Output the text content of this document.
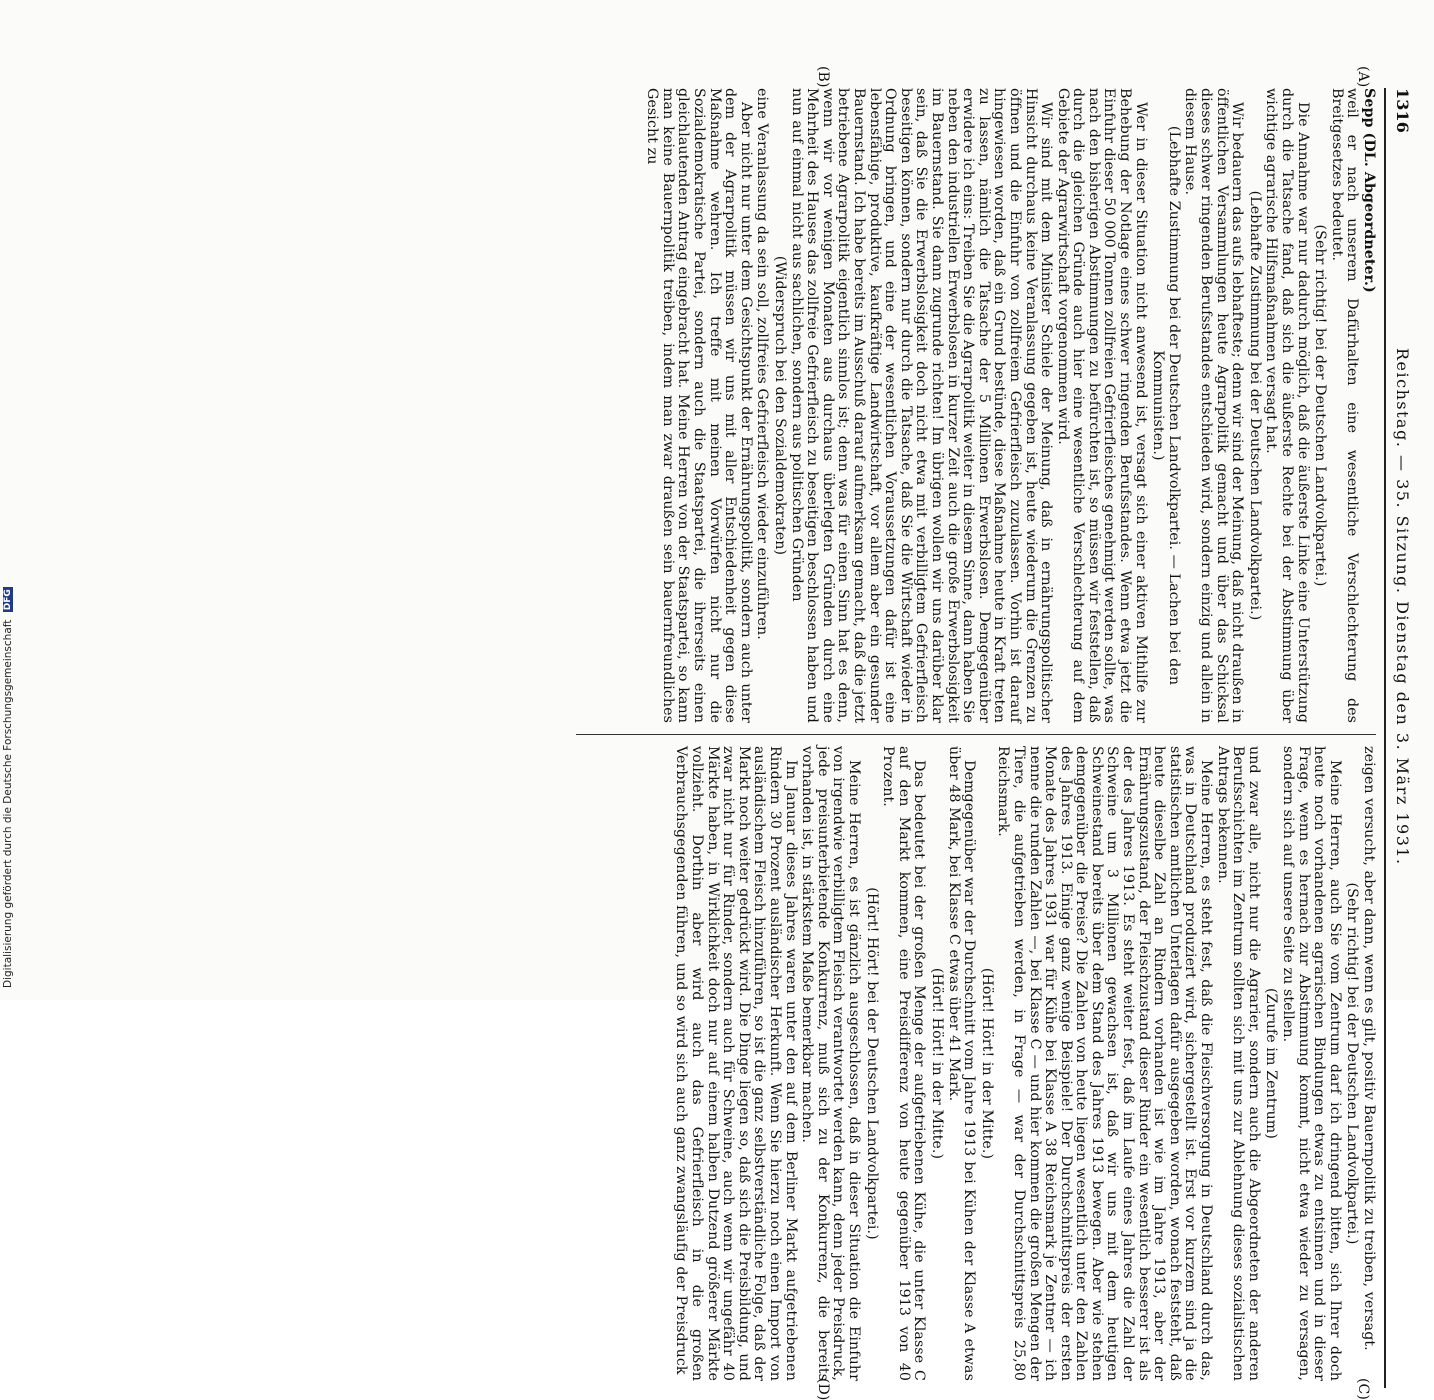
1316
Reichstag. — 35. Sitzung. Dienstag den 3. März 1931.

Sepp (DL. Abgeordneter.)

weil er nach unserem Dafürhalten eine wesentliche Verschlechterung des Breitgesetzes bedeutet.

(Sehr richtig! bei der Deutschen Landvolkpartei.)

Die Annahme war nur dadurch möglich, daß die äußerste Linke eine Unterstützung durch die Tatsache fand, daß sich die äußerste Rechte bei der Abstimmung über wichtige agrarische Hilfsmaßnahmen versagt hat.

(Lebhafte Zustimmung bei der Deutschen Landvolkpartei.)

Wir bedauern das aufs lebhafteste; denn wir sind der Meinung, daß nicht draußen in öffentlichen Versammlungen heute Agrarpolitik gemacht und über das Schicksal dieses schwer ringenden Berufsstandes entschieden wird, sondern einzig und allein in diesem Hause.

(Lebhafte Zustimmung bei der Deutschen Landvolkpartei. — Lachen bei den Kommunisten.)

Wer in dieser Situation nicht anwesend ist, versagt sich einer aktiven Mithilfe zur Behebung der Notlage eines schwer ringenden Berufsstandes. Wenn etwa jetzt die Einfuhr dieser 50 000 Tonnen zollfreien Gefrierfleisches genehmigt werden sollte, was nach den bisherigen Abstimmungen zu befürchten ist, so müssen wir feststellen, daß durch die gleichen Gründe auch hier eine wesentliche Verschlechterung auf dem Gebiete der Agrarwirtschaft vorgenommen wird.

Wir sind mit dem Minister Schiele der Meinung, daß in ernährungspolitischer Hinsicht durchaus keine Veranlassung gegeben ist, heute wiederum die Grenzen zu öffnen und die Einfuhr von zollfreiem Gefrierfleisch zuzulassen. Vorhin ist darauf hingewiesen worden, daß ein Grund bestünde, diese Maßnahme heute in Kraft treten zu lassen, nämlich die Tatsache der 5 Millionen Erwerbslosen. Demgegenüber erwidere ich eins: Treiben Sie die Agrarpolitik weiter in diesem Sinne, dann haben Sie neben den industriellen Erwerbslosen in kurzer Zeit auch die große Erwerbslosigkeit im Bauernstand. Sie dann zugrunde richten! Im übrigen wollen wir uns darüber klar sein, daß Sie die Erwerbslosigkeit doch nicht etwa mit verbilligtem Gefrierfleisch beseitigen können, sondern nur durch die Tatsache, daß Sie die Wirtschaft wieder in Ordnung bringen, und eine der wesentlichen Voraussetzungen dafür ist eine lebensfähige, produktive, kaufkräftige Landwirtschaft, vor allem aber ein gesunder Bauernstand. Ich habe bereits im Ausschuß darauf aufmerksam gemacht, daß die jetzt betriebene Agrarpolitik eigentlich sinnlos ist; denn was für einen Sinn hat es denn, wenn wir vor wenigen Monaten aus durchaus überlegten Gründen durch eine Mehrheit des Hauses das zollfreie Gefrierfleisch zu beseitigen beschlossen haben und nun auf einmal nicht aus sachlichen, sondern aus politischen Gründen

(Widerspruch bei den Sozialdemokraten)

eine Veranlassung da sein soll, zollfreies Gefrierfleisch wieder einzuführen.

Aber nicht nur unter dem Gesichtspunkt der Ernährungspolitik, sondern auch unter dem der Agrarpolitik müssen wir uns mit aller Entschiedenheit gegen diese Maßnahme wehren. Ich treffe mit meinen Vorwürfen nicht nur die Sozialdemokratische Partei, sondern auch die Staatspartei, die ihrerseits einen gleichlautenden Antrag eingebracht hat. Meine Herren von der Staatspartei, so kann man keine Bauernpolitik treiben, indem man zwar draußen sein bauernfreundliches Gesicht zu

zeigen versucht, aber dann, wenn es gilt, positiv Bauernpolitik zu treiben, versagt.

(Sehr richtig! bei der Deutschen Landvolkpartei.)

Meine Herren, auch Sie vom Zentrum darf ich dringend bitten, sich Ihrer doch heute noch vorhandenen agrarischen Bindungen etwas zu entsinnen und in dieser Frage, wenn es hernach zur Abstimmung kommt, nicht etwa wieder zu versagen, sondern sich auf unsere Seite zu stellen.

(Zurufe im Zentrum)

und zwar alle, nicht nur die Agrarier, sondern auch die Abgeordneten der anderen Berufsschichten im Zentrum sollten sich mit uns zur Ablehnung dieses sozialistischen Antrags bekennen.

Meine Herren, es steht fest, daß die Fleischversorgung in Deutschland durch das, was in Deutschland produziert wird, sichergestellt ist. Erst vor kurzem sind ja die statistischen amtlichen Unterlagen dafür ausgegeben worden, wonach feststeht, daß heute dieselbe Zahl an Rindern vorhanden ist wie im Jahre 1913, aber der Ernährungszustand, der Fleischzustand dieser Rinder ein wesentlich besserer ist als der des Jahres 1913. Es steht weiter fest, daß im Laufe eines Jahres die Zahl der Schweine um 3 Millionen gewachsen ist, daß wir uns mit dem heutigen Schweinestand bereits über dem Stand des Jahres 1913 bewegen. Aber wie stehen demgegenüber die Preise? Die Zahlen von heute liegen wesentlich unter den Zahlen des Jahres 1913. Einige ganz wenige Beispiele! Der Durchschnittspreis der ersten Monate des Jahres 1931 war für Kühe bei Klasse A 38 Reichsmark je Zentner — ich nenne die runden Zahlen —, bei Klasse C — und hier kommen die großen Mengen der Tiere, die aufgetrieben werden, in Frage — war der Durchschnittspreis 25,80 Reichsmark.

(Hört! Hört! in der Mitte.)

Demgegenüber war der Durchschnitt vom Jahre 1913 bei Kühen der Klasse A etwas über 48 Mark, bei Klasse C etwas über 41 Mark.

(Hört! Hört! in der Mitte.)

Das bedeutet bei der großen Menge der aufgetriebenen Kühe, die unter Klasse C auf den Markt kommen, eine Preisdifferenz von heute gegenüber 1913 von 40 Prozent.

(Hört! Hört! bei der Deutschen Landvolkpartei.)

Meine Herren, es ist gänzlich ausgeschlossen, daß in dieser Situation die Einfuhr von irgendwie verbilligtem Fleisch verantwortet werden kann, denn jeder Preisdruck, jede preisunterbietende Konkurrenz, muß sich zu der Konkurrenz, die bereits vorhanden ist, in stärkstem Maße bemerkbar machen.

Im Januar dieses Jahres waren unter den auf dem Berliner Markt aufgetriebenen Rindern 30 Prozent ausländischer Herkunft. Wenn Sie hierzu noch einen Import von ausländischem Fleisch hinzuführen, so ist die ganz selbstverständliche Folge, daß der Markt noch weiter gedrückt wird. Die Dinge liegen so, daß sich die Preisbildung, und zwar nicht nur für Rinder, sondern auch für Schweine, auch wenn wir ungefähr 40 Märkte haben, in Wirklichkeit doch nur auf einem halben Dutzend größerer Märkte vollzieht. Dorthin aber wird auch das Gefrierfleisch in die großen Verbrauchsgegenden führen, und so wird sich auch ganz zwangsläufig der Preisdruck

(A)
(B)
(C)
(D)
Digitalisierung gefördert durch die Deutsche Forschungsgemeinschaft DFG
